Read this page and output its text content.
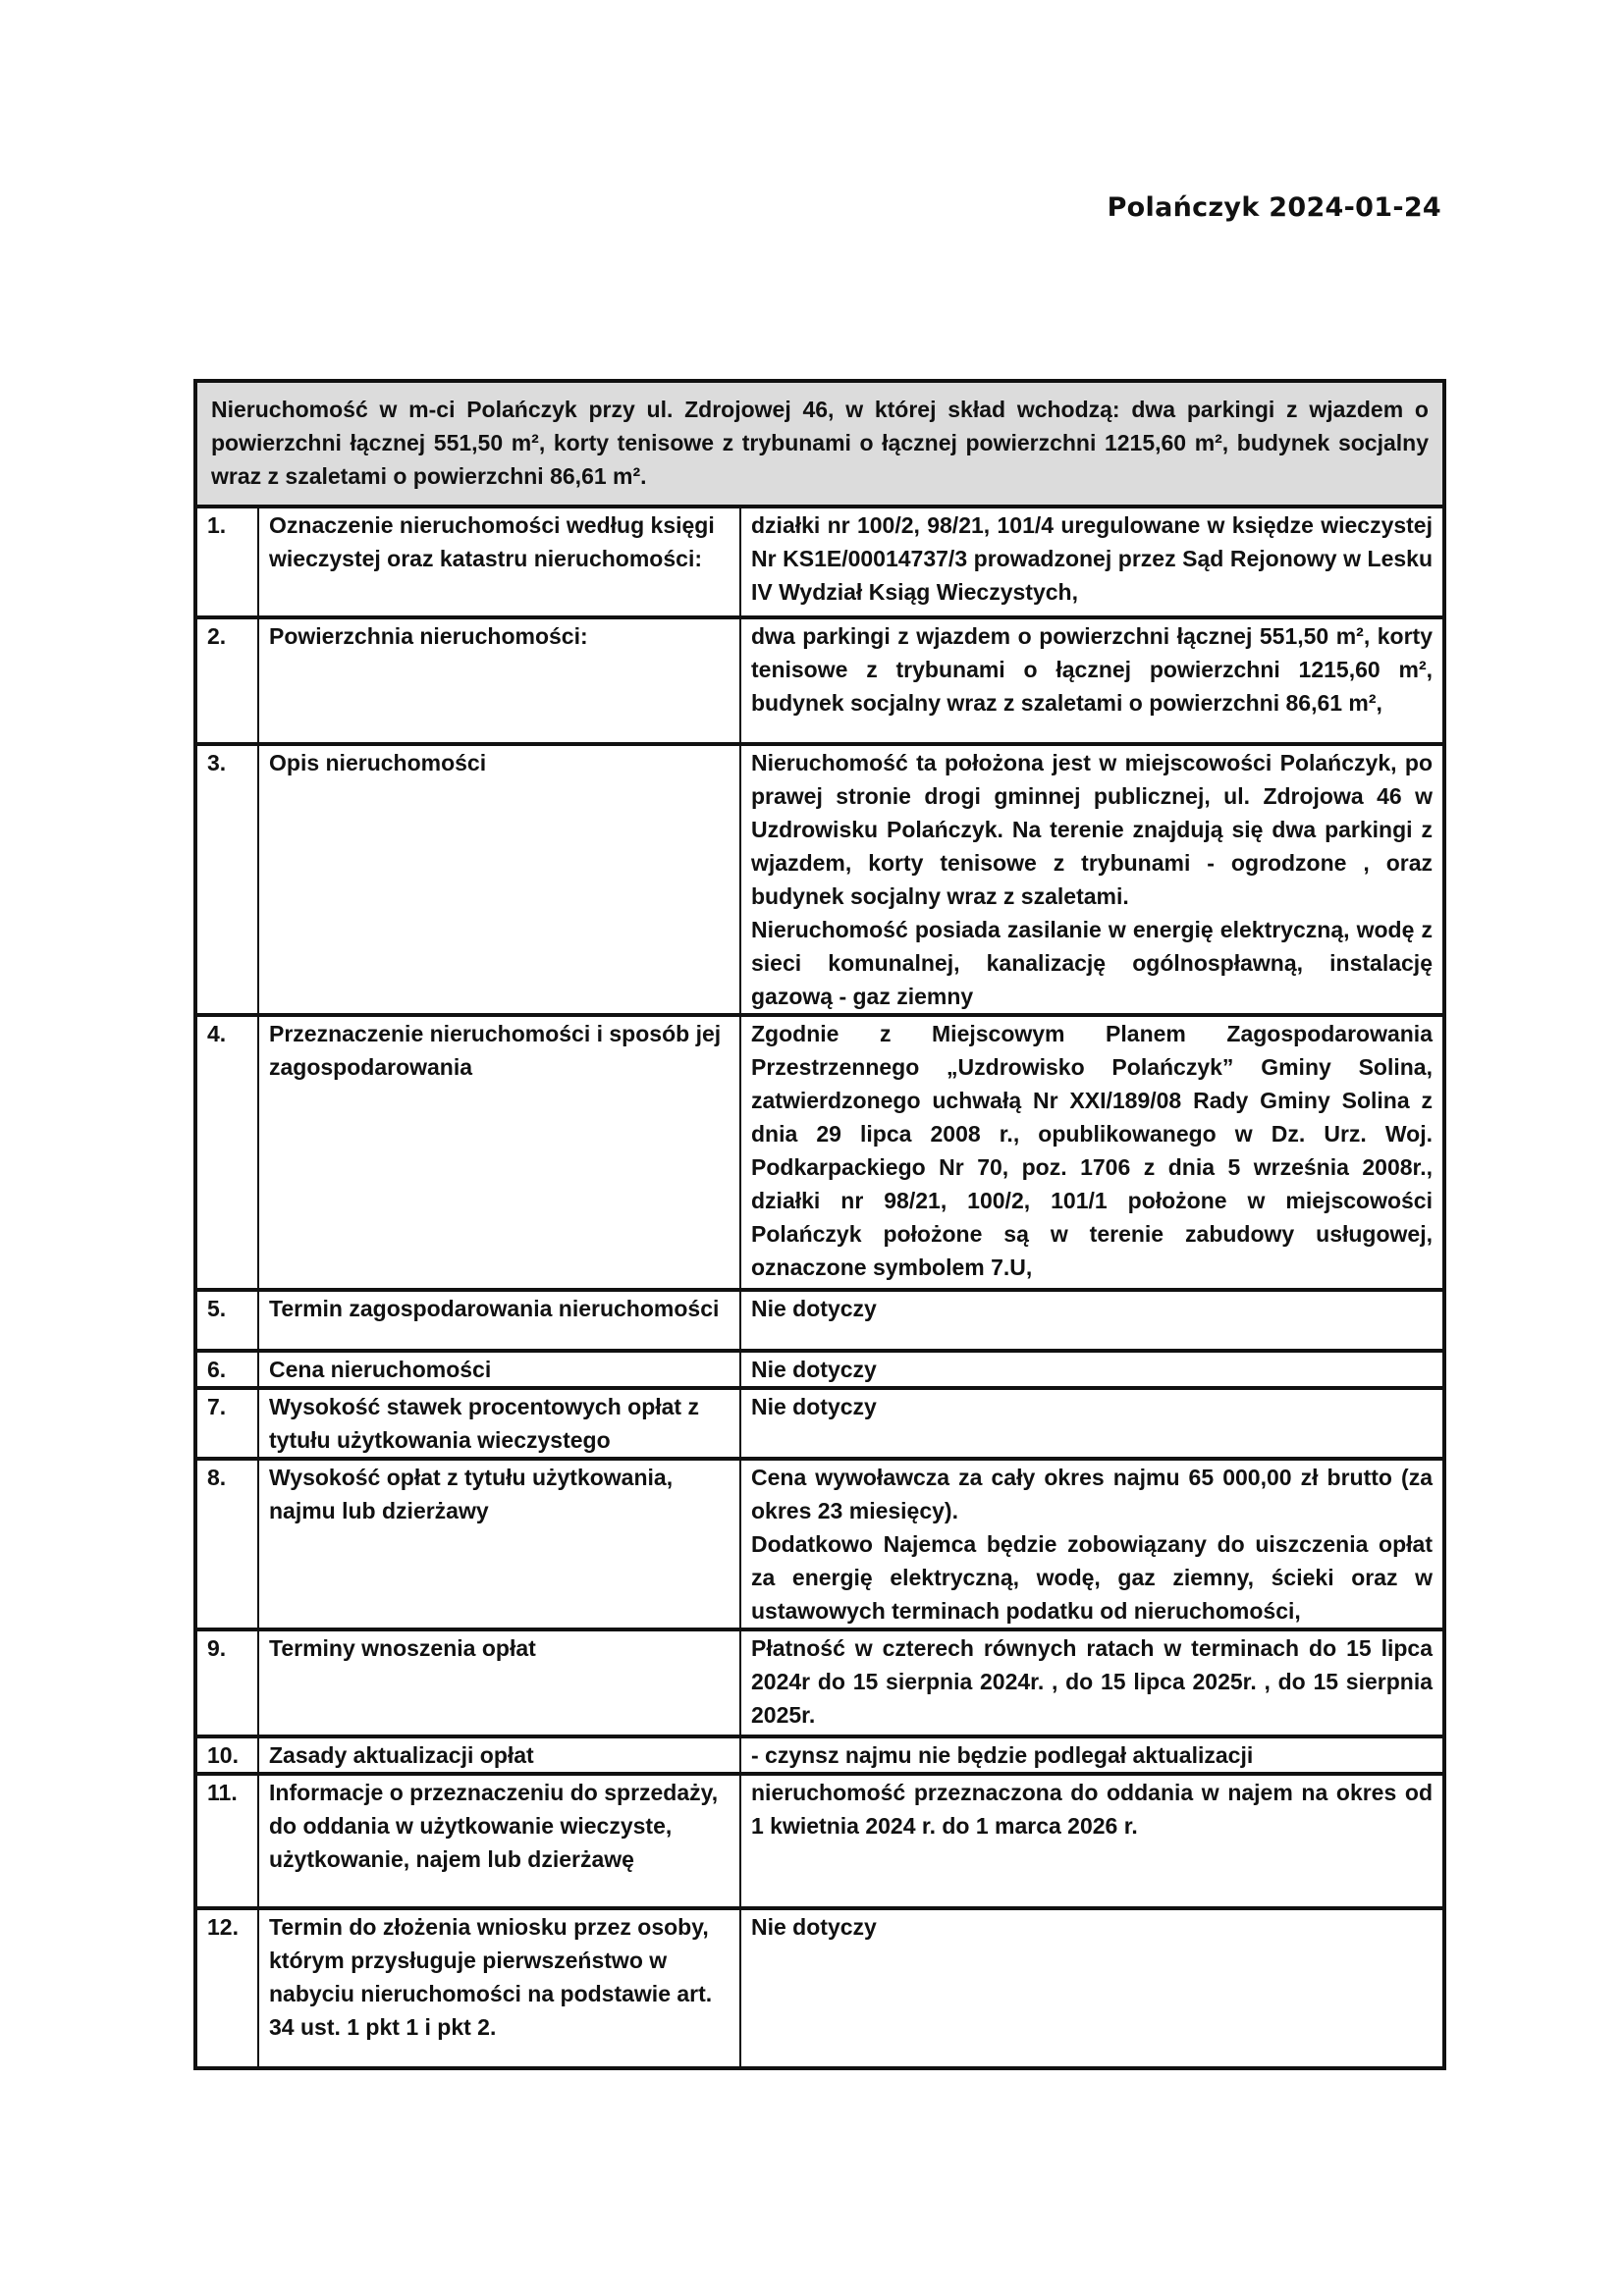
Polańczyk 2024-01-24
Nieruchomość w m-ci Polańczyk przy ul. Zdrojowej 46, w której skład wchodzą: dwa parkingi z wjazdem o powierzchni łącznej 551,50 m², korty tenisowe z trybunami o łącznej powierzchni 1215,60 m², budynek socjalny wraz z szaletami o powierzchni 86,61 m².		
1.	Oznaczenie nieruchomości według księgi wieczystej oraz katastru nieruchomości:	działki nr 100/2, 98/21, 101/4 uregulowane w księdze wieczystej Nr KS1E/00014737/3 prowadzonej przez Sąd Rejonowy w Lesku IV Wydział Ksiąg Wieczystych,
2.	Powierzchnia nieruchomości:	dwa parkingi z wjazdem o powierzchni łącznej 551,50 m², korty tenisowe z trybunami o łącznej powierzchni 1215,60 m², budynek socjalny wraz z szaletami o powierzchni 86,61 m²,
3.	Opis nieruchomości	Nieruchomość ta położona jest w miejscowości Polańczyk, po prawej stronie drogi gminnej publicznej, ul. Zdrojowa 46 w Uzdrowisku Polańczyk. Na terenie znajdują się dwa parkingi z wjazdem, korty tenisowe z trybunami - ogrodzone , oraz budynek socjalny wraz z szaletami.
Nieruchomość posiada zasilanie w energię elektryczną, wodę z sieci komunalnej, kanalizację ogólnospławną, instalację gazową - gaz ziemny

4.	Przeznaczenie nieruchomości i sposób jej zagospodarowania	Zgodnie z Miejscowym Planem Zagospodarowania Przestrzennego „Uzdrowisko Polańczyk” Gminy Solina, zatwierdzonego uchwałą Nr XXI/189/08 Rady Gminy Solina z dnia 29 lipca 2008 r., opublikowanego w Dz. Urz. Woj. Podkarpackiego Nr 70, poz. 1706 z dnia 5 września 2008r., działki nr 98/21, 100/2, 101/1 położone w miejscowości Polańczyk położone są w terenie zabudowy usługowej, oznaczone symbolem 7.U,
5.	Termin zagospodarowania nieruchomości	Nie dotyczy
6.	Cena nieruchomości	Nie dotyczy
7.	Wysokość stawek procentowych opłat z tytułu użytkowania wieczystego	Nie dotyczy
8.	Wysokość opłat z tytułu użytkowania, najmu lub dzierżawy	Cena wywoławcza za cały okres najmu 65 000,00 zł brutto (za okres 23 miesięcy).
Dodatkowo Najemca będzie zobowiązany do uiszczenia opłat za energię elektryczną, wodę, gaz ziemny, ścieki oraz w ustawowych terminach podatku od nieruchomości,

9.	Terminy wnoszenia opłat	Płatność w czterech równych ratach w terminach do 15 lipca 2024r do 15 sierpnia 2024r. , do 15 lipca 2025r. , do 15 sierpnia 2025r.
10.	Zasady aktualizacji opłat	- czynsz najmu nie będzie podlegał aktualizacji
11.	Informacje o przeznaczeniu do sprzedaży, do oddania w użytkowanie wieczyste, użytkowanie, najem lub dzierżawę	nieruchomość przeznaczona do oddania w najem na okres od 1 kwietnia 2024 r. do 1 marca 2026 r.
12.	Termin do złożenia wniosku przez osoby, którym przysługuje pierwszeństwo w nabyciu nieruchomości na podstawie art. 34 ust. 1 pkt 1 i pkt 2.	Nie dotyczy
